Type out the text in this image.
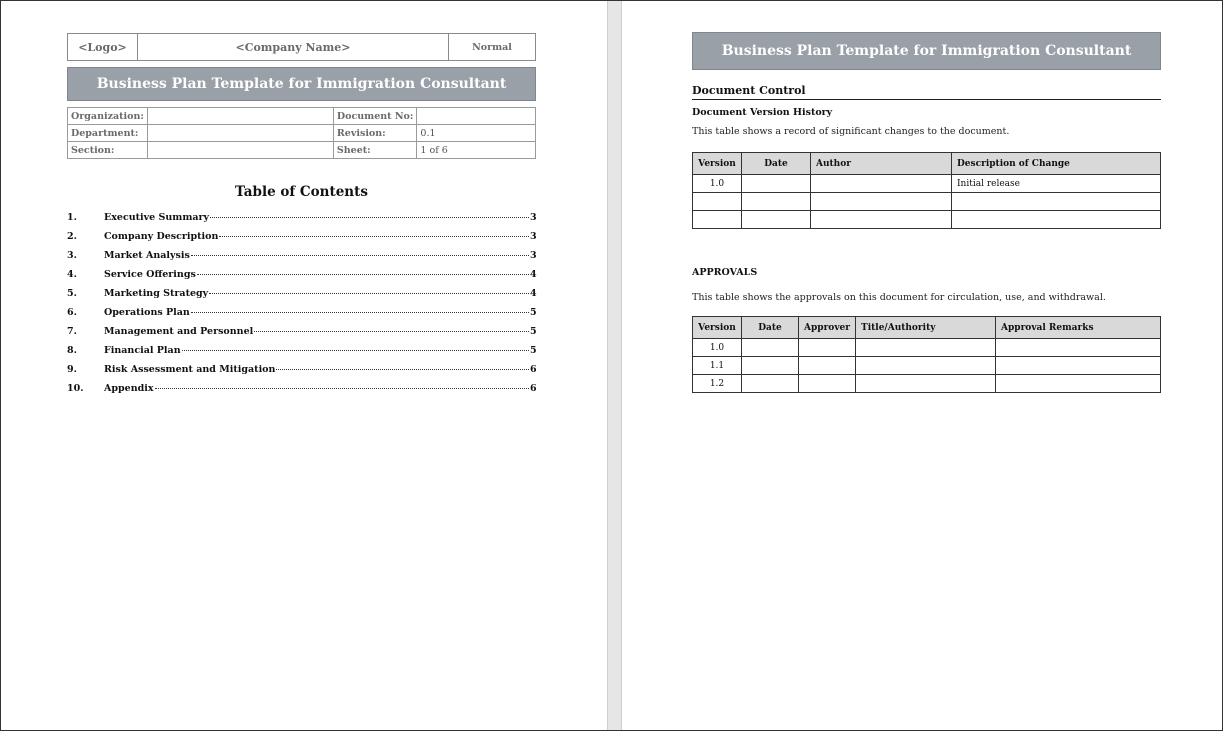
<Logo>	<Company Name>	Normal
Business Plan Template for Immigration Consultant
Organization:		Document No:	
Department:		Revision:	0.1
Section:		Sheet:	1 of 6
Table of Contents
1.	Executive Summary	3
2.	Company Description	3
3.	Market Analysis	3
4.	Service Offerings	4
5.	Marketing Strategy	4
6.	Operations Plan	5
7.	Management and Personnel	5
8.	Financial Plan	5
9.	Risk Assessment and Mitigation	6
10.	Appendix	6
Business Plan Template for Immigration Consultant
Document Control
Document Version History
This table shows a record of significant changes to the document.
Version	Date	Author	Description of Change
1.0			Initial release

APPROVALS
This table shows the approvals on this document for circulation, use, and withdrawal.
Version	Date	Approver	Title/Authority	Approval Remarks
1.0				
1.1				
1.2				
